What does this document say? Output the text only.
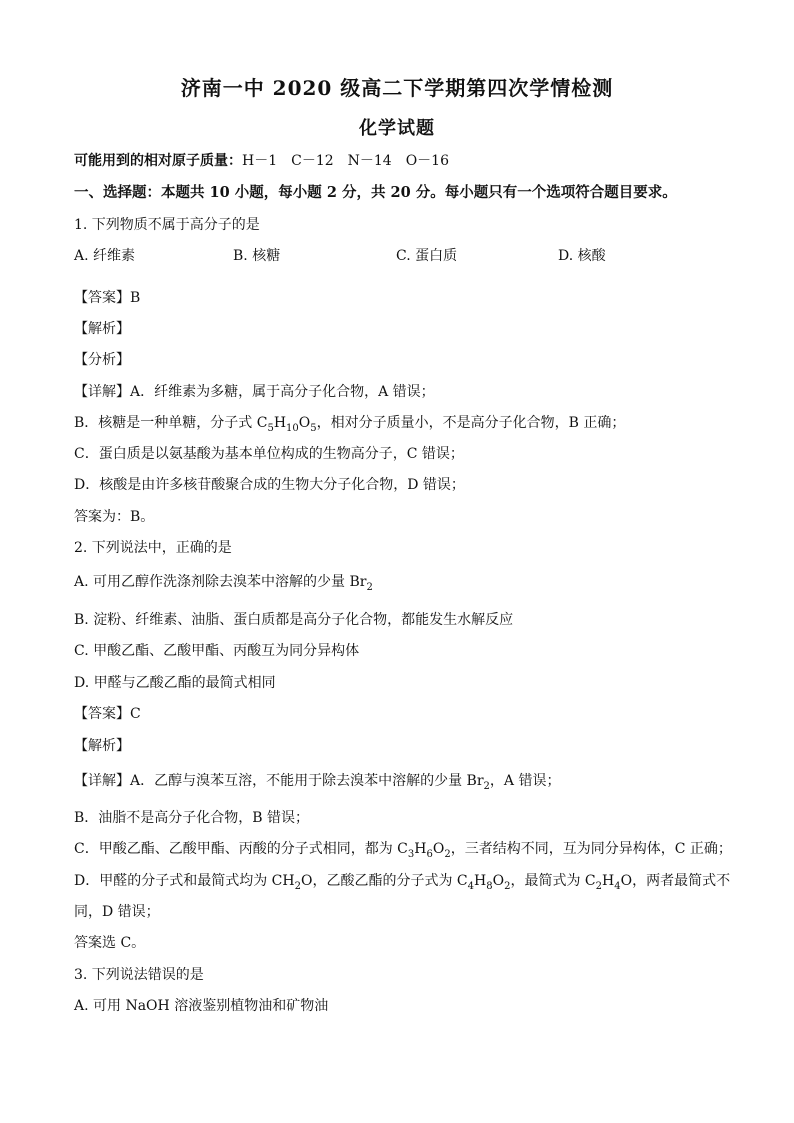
济南一中 2020 级高二下学期第四次学情检测
化学试题
可能用到的相对原子质量：H－1　C－12　N－14　O－16
一、选择题：本题共 10 小题，每小题 2 分，共 20 分。每小题只有一个选项符合题目要求。
1. 下列物质不属于高分子的是
A. 纤维素	B. 核糖	C. 蛋白质	D. 核酸
【答案】B
【解析】
【分析】
【详解】A．纤维素为多糖，属于高分子化合物，A 错误；
B．核糖是一种单糖，分子式 $C_5H_{10}O_5$，相对分子质量小，不是高分子化合物，B 正确；
C．蛋白质是以氨基酸为基本单位构成的生物高分子，C 错误；
D．核酸是由许多核苷酸聚合成的生物大分子化合物，D 错误；
答案为：B。
2. 下列说法中，正确的是
A. 可用乙醇作洗涤剂除去溴苯中溶解的少量 $Br_2$
B. 淀粉、纤维素、油脂、蛋白质都是高分子化合物，都能发生水解反应
C. 甲酸乙酯、乙酸甲酯、丙酸互为同分异构体
D. 甲醛与乙酸乙酯的最简式相同
【答案】C
【解析】
【详解】A．乙醇与溴苯互溶，不能用于除去溴苯中溶解的少量 $Br_2$，A 错误；
B．油脂不是高分子化合物，B 错误；
C．甲酸乙酯、乙酸甲酯、丙酸的分子式相同，都为 $C_3H_6O_2$，三者结构不同，互为同分异构体，C 正确；
D．甲醛的分子式和最简式均为 $CH_2O$，乙酸乙酯的分子式为 $C_4H_8O_2$，最简式为 $C_2H_4O$，两者最简式不
同，D 错误；
答案选 C。
3. 下列说法错误的是
A. 可用 NaOH 溶液鉴别植物油和矿物油
